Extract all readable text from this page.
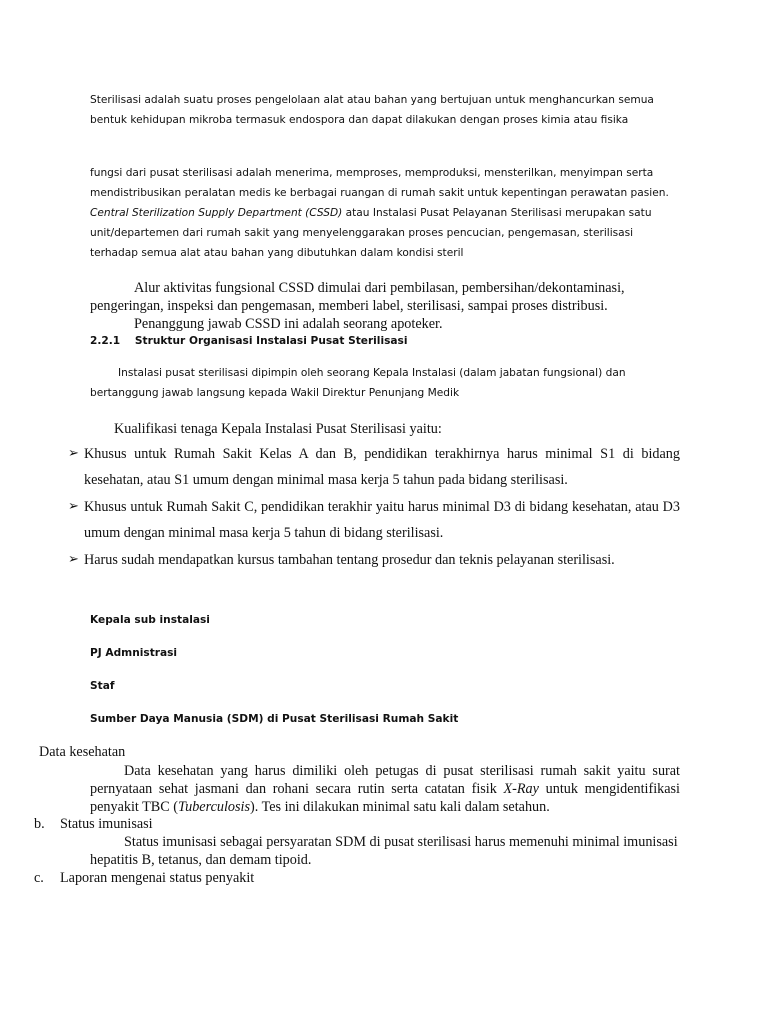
Sterilisasi adalah suatu proses pengelolaan alat atau bahan yang bertujuan untuk menghancurkan semua bentuk kehidupan mikroba termasuk endospora dan dapat dilakukan dengan proses kimia atau fisika

fungsi dari pusat sterilisasi adalah menerima, memproses, memproduksi, mensterilkan, menyimpan serta mendistribusikan peralatan medis ke berbagai ruangan di rumah sakit untuk kepentingan perawatan pasien. Central Sterilization Supply Department (CSSD) atau Instalasi Pusat Pelayanan Sterilisasi merupakan satu unit/departemen dari rumah sakit yang menyelenggarakan proses pencucian, pengemasan, sterilisasi terhadap semua alat atau bahan yang dibutuhkan dalam kondisi steril

Alur aktivitas fungsional CSSD dimulai dari pembilasan, pembersihan/dekontaminasi, pengeringan, inspeksi dan pengemasan, memberi label, sterilisasi, sampai proses distribusi.

Penanggung jawab CSSD ini adalah seorang apoteker.

2.2.1    Struktur Organisasi Instalasi Pusat Sterilisasi

Instalasi pusat sterilisasi dipimpin oleh seorang Kepala Instalasi (dalam jabatan fungsional) dan bertanggung jawab langsung kepada Wakil Direktur Penunjang Medik

Kualifikasi tenaga Kepala Instalasi Pusat Sterilisasi yaitu:

➢ Khusus untuk Rumah Sakit Kelas A dan B, pendidikan terakhirnya harus minimal S1 di bidang kesehatan, atau S1 umum dengan minimal masa kerja 5 tahun pada bidang sterilisasi.
➢ Khusus untuk Rumah Sakit C, pendidikan terakhir yaitu harus minimal D3 di bidang kesehatan, atau D3 umum dengan minimal masa kerja 5 tahun di bidang sterilisasi.
➢ Harus sudah mendapatkan kursus tambahan tentang prosedur dan teknis pelayanan sterilisasi.
Kepala sub instalasi
PJ Admnistrasi
Staf
Sumber Daya Manusia (SDM) di Pusat Sterilisasi Rumah Sakit
Data kesehatan

Data kesehatan yang harus dimiliki oleh petugas di pusat sterilisasi rumah sakit yaitu surat pernyataan sehat jasmani dan rohani secara rutin serta catatan fisik X-Ray untuk mengidentifikasi penyakit TBC (Tuberculosis). Tes ini dilakukan minimal satu kali dalam setahun.

b. Status imunisasi

Status imunisasi sebagai persyaratan SDM di pusat sterilisasi harus memenuhi minimal imunisasi hepatitis B, tetanus, dan demam tipoid.

c. Laporan mengenai status penyakit
